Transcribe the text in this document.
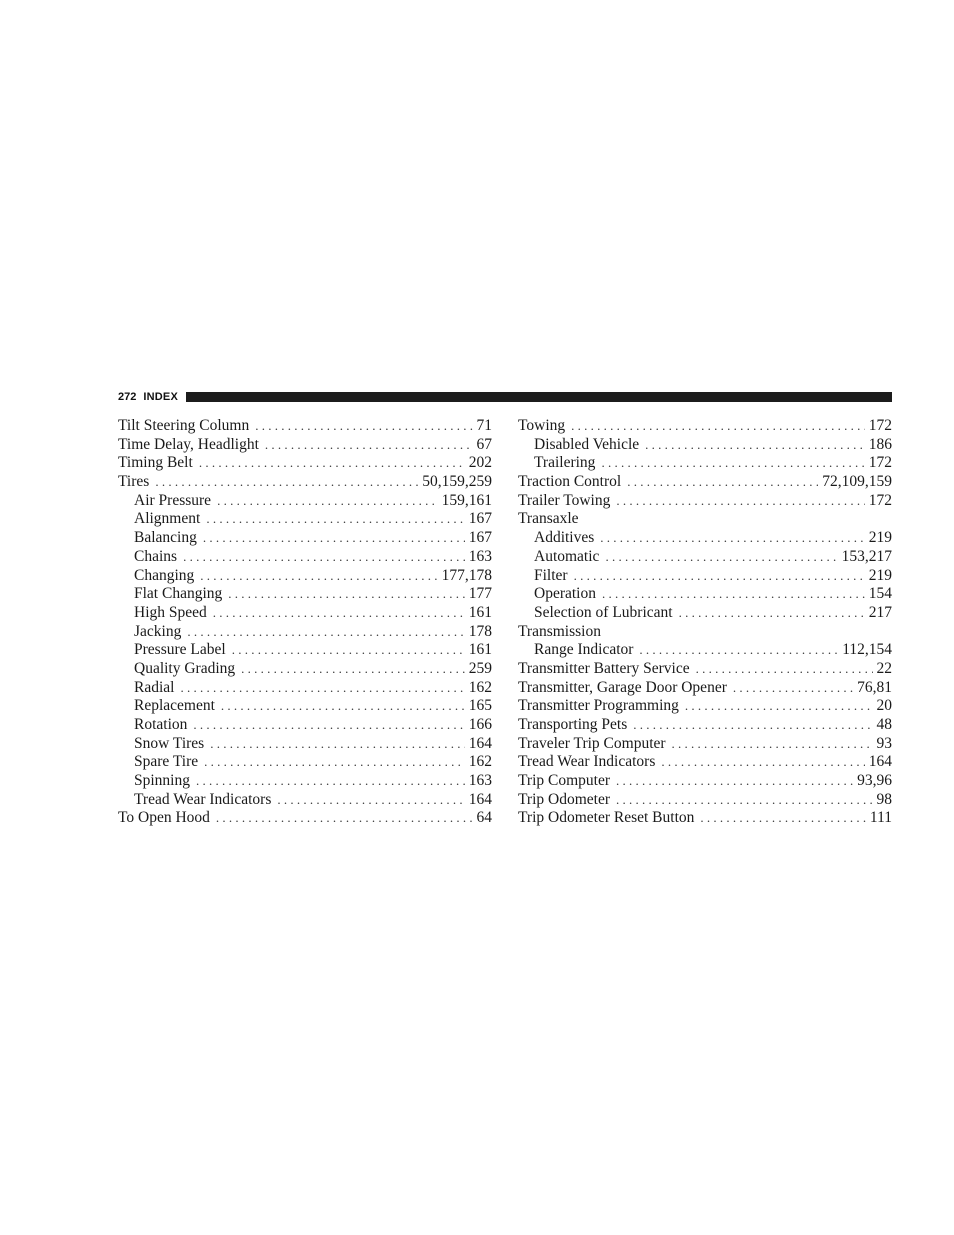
272 INDEX
Tilt Steering Column . . .	71
Time Delay, Headlight . . .	67
Timing Belt . . .	202
Tires . . .	50,159,259
Air Pressure . . .	159,161
Alignment . . .	167
Balancing . . .	167
Chains . . .	163
Changing . . .	177,178
Flat Changing . . .	177
High Speed . . .	161
Jacking . . .	178
Pressure Label . . .	161
Quality Grading . . .	259
Radial . . .	162
Replacement . . .	165
Rotation . . .	166
Snow Tires . . .	164
Spare Tire . . .	162
Spinning . . .	163
Tread Wear Indicators . . .	164
To Open Hood . . .	64
Towing . . .	172
Disabled Vehicle . . .	186
Trailering . . .	172
Traction Control . . .	72,109,159
Trailer Towing . . .	172
Transaxle
Additives . . .	219
Automatic . . .	153,217
Filter . . .	219
Operation . . .	154
Selection of Lubricant . . .	217
Transmission
Range Indicator . . .	112,154
Transmitter Battery Service . . .	22
Transmitter, Garage Door Opener . . .	76,81
Transmitter Programming . . .	20
Transporting Pets . . .	48
Traveler Trip Computer . . .	93
Tread Wear Indicators . . .	164
Trip Computer . . .	93,96
Trip Odometer . . .	98
Trip Odometer Reset Button . . .	111
